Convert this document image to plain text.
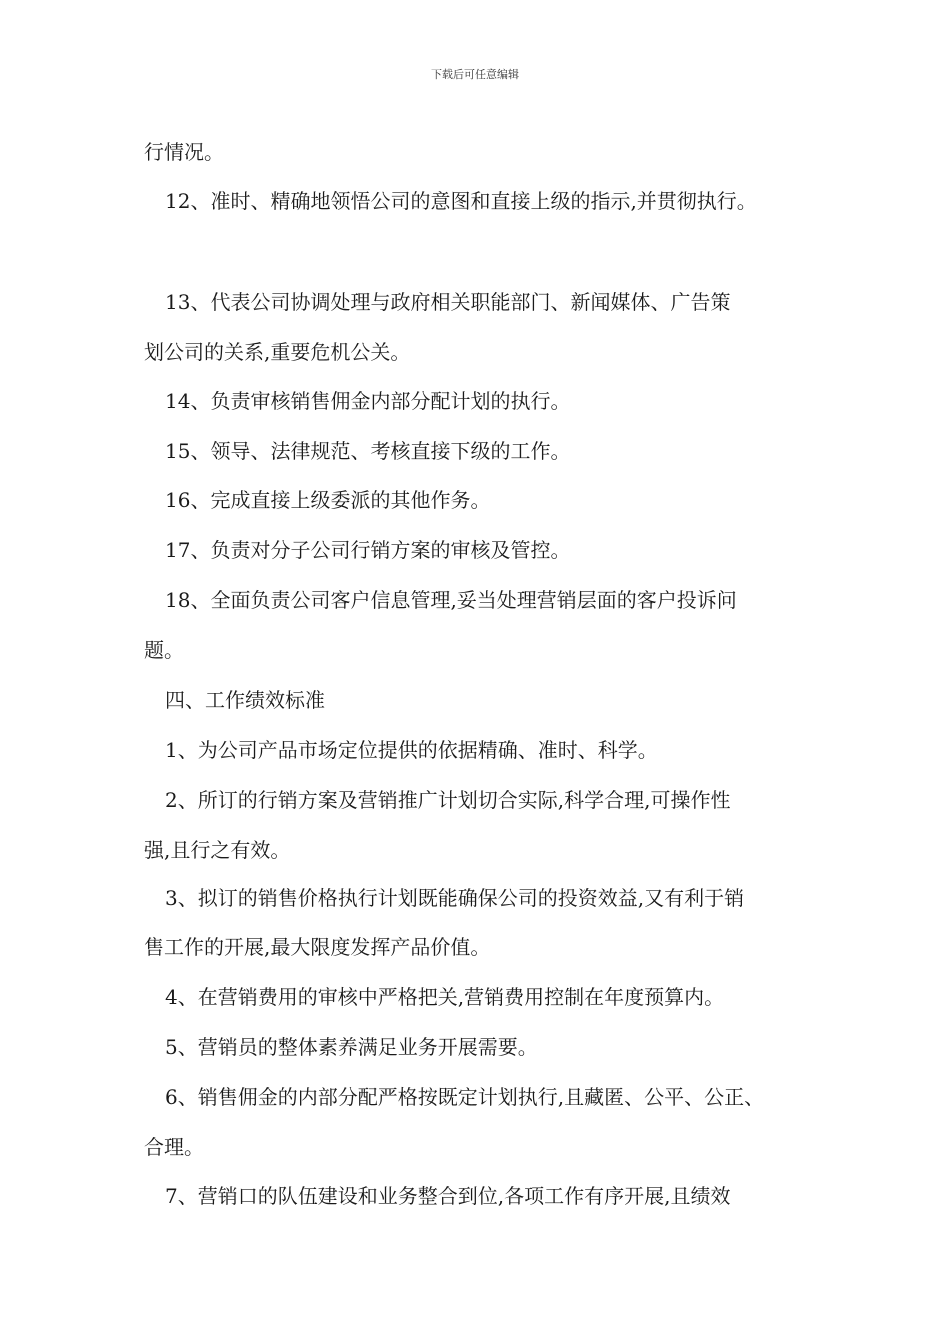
下载后可任意编辑
行情况。
12、准时、精确地领悟公司的意图和直接上级的指示,并贯彻执行。
13、代表公司协调处理与政府相关职能部门、新闻媒体、广告策
划公司的关系,重要危机公关。
14、负责审核销售佣金内部分配计划的执行。
15、领导、法律规范、考核直接下级的工作。
16、完成直接上级委派的其他作务。
17、负责对分子公司行销方案的审核及管控。
18、全面负责公司客户信息管理,妥当处理营销层面的客户投诉问
题。
四、工作绩效标准
1、为公司产品市场定位提供的依据精确、准时、科学。
2、所订的行销方案及营销推广计划切合实际,科学合理,可操作性
强,且行之有效。
3、拟订的销售价格执行计划既能确保公司的投资效益,又有利于销
售工作的开展,最大限度发挥产品价值。
4、在营销费用的审核中严格把关,营销费用控制在年度预算内。
5、营销员的整体素养满足业务开展需要。
6、销售佣金的内部分配严格按既定计划执行,且藏匿、公平、公正、
合理。
7、营销口的队伍建设和业务整合到位,各项工作有序开展,且绩效
